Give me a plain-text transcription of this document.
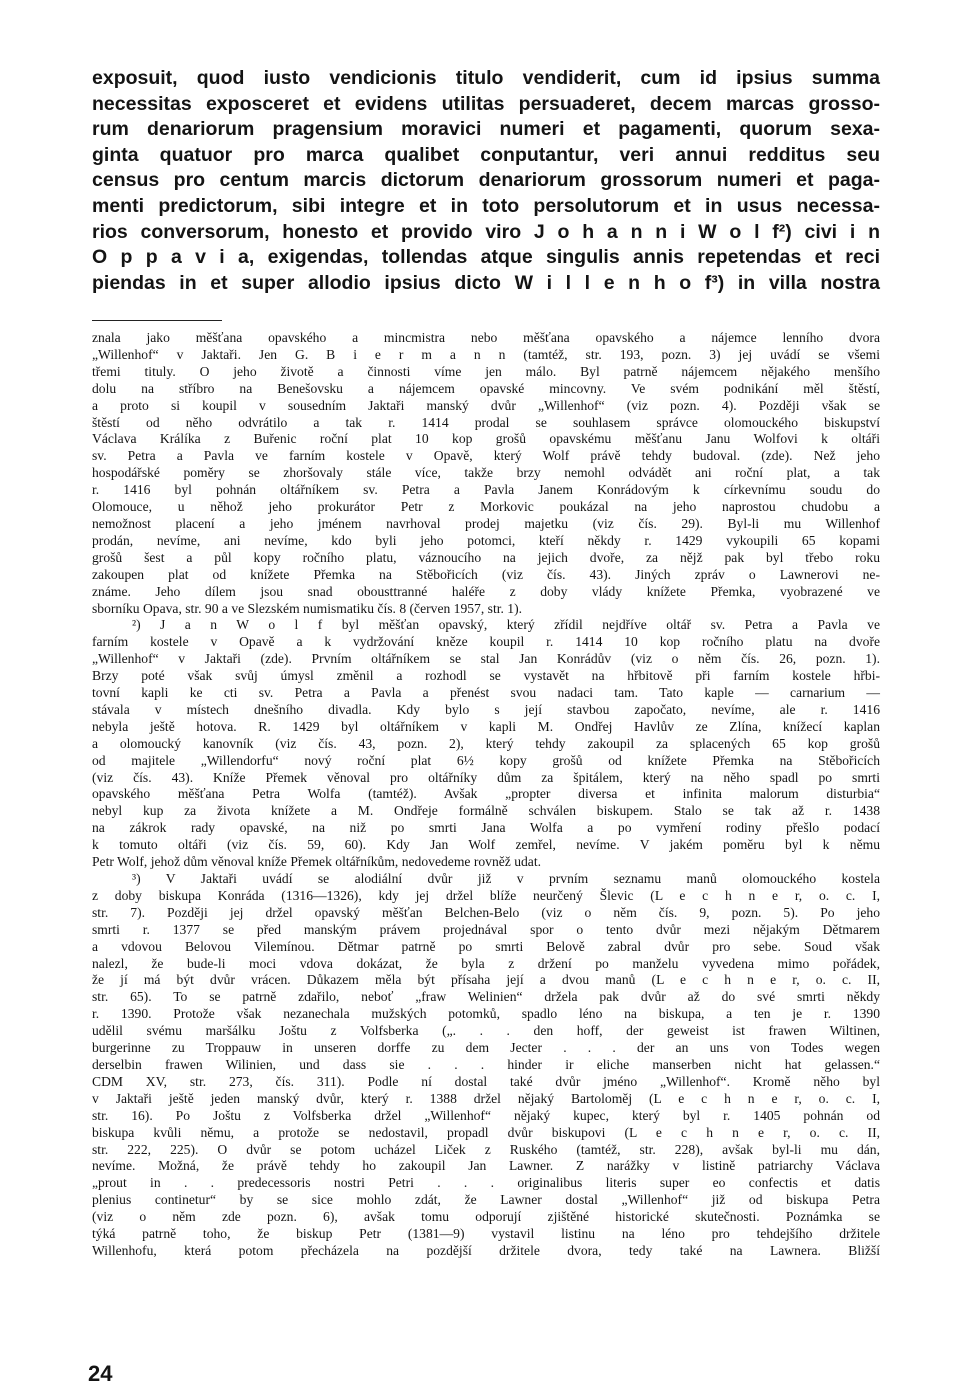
exposuit, quod iusto vendicionis titulo vendiderit, cum id ipsius summa
necessitas exposceret et evidens utilitas persuaderet, decem marcas grosso-
rum denariorum pragensium moravici numeri et pagamenti, quorum sexa-
ginta quatuor pro marca qualibet conputantur, veri annui redditus seu
census pro centum marcis dictorum denariorum grossorum numeri et paga-
menti predictorum, sibi integre et in toto persolutorum et in usus necessa-
rios conversorum, honesto et provido viro J o h a n n i W o l f²) civi i n
O p p a v i a, exigendas, tollendas atque singulis annis repetendas et reci
piendas in et super allodio ipsius dicto W i l l e n h o f³) in villa nostra

znala jako měšťana opavského a mincmistra nebo měšťana opavského a nájemce lenního dvora
„Willenhof“ v Jaktaři. Jen G. B i e r m a n n (tamtéž, str. 193, pozn. 3) jej uvádí se všemi
třemi tituly. O jeho životě a činnosti víme jen málo. Byl patrně nájemcem nějakého menšího
dolu na stříbro na Benešovsku a nájemcem opavské mincovny. Ve svém podnikání měl štěstí,
a proto si koupil v sousedním Jaktaři manský dvůr „Willenhof“ (viz pozn. 4). Později však se
štěstí od něho odvrátilo a tak r. 1414 prodal se souhlasem správce olomouckého biskupství
Václava Králíka z Buřenic roční plat 10 kop grošů opavskému měšťanu Janu Wolfovi k oltáři
sv. Petra a Pavla ve farním kostele v Opavě, který Wolf právě tehdy budoval. (zde). Než jeho
hospodářské poměry se zhoršovaly stále více, takže brzy nemohl odvádět ani roční plat, a tak
r. 1416 byl pohnán oltářníkem sv. Petra a Pavla Janem Konrádovým k církevnímu soudu do
Olomouce, u něhož jeho prokurátor Petr z Morkovic poukázal na jeho naprostou chudobu a
nemožnost placení a jeho jménem navrhoval prodej majetku (viz čís. 29). Byl-li mu Willenhof
prodán, nevíme, ani nevíme, kdo byli jeho potomci, kteří někdy r. 1429 vykoupili 65 kopami
grošů šest a půl kopy ročního platu, váznoucího na jejich dvoře, za nějž pak byl třebo roku
zakoupen plat od knížete Přemka na Stěbořicích (viz čís. 43). Jiných zpráv o Lawnerovi ne-
známe. Jeho dílem jsou snad obousttranné haléře z doby vlády knížete Přemka, vyobrazené ve
sborníku Opava, str. 90 a ve Slezském numismatiku čís. 8 (červen 1957, str. 1).
²) J a n W o l f byl měšťan opavský, který zřídil nejdříve oltář sv. Petra a Pavla ve
farním kostele v Opavě a k vydržování kněze koupil r. 1414 10 kop ročního platu na dvoře
„Willenhof“ v Jaktaři (zde). Prvním oltářníkem se stal Jan Konrádův (viz o něm čís. 26, pozn. 1).
Brzy poté však svůj úmysl změnil a rozhodl se vystavět na hřbitově při farním kostele hřbi-
tovní kapli ke cti sv. Petra a Pavla a přenést svou nadaci tam. Tato kaple — carnarium —
stávala v místech dnešního divadla. Kdy bylo s její stavbou započato, nevíme, ale r. 1416
nebyla ještě hotova. R. 1429 byl oltářníkem v kapli M. Ondřej Havlův ze Zlína, knížecí kaplan
a olomoucký kanovník (viz čís. 43, pozn. 2), který tehdy zakoupil za splacených 65 kop grošů
od majitele „Willendorfu“ nový roční plat 6½ kopy grošů od knížete Přemka na Stěbořicích
(viz čís. 43). Kníže Přemek věnoval pro oltářníky dům za špitálem, který na něho spadl po smrti
opavského měšťana Petra Wolfa (tamtéž). Avšak „propter diversa et infinita malorum disturbia“
nebyl kup za života knížete a M. Ondřeje formálně schválen biskupem. Stalo se tak až r. 1438
na zákrok rady opavské, na niž po smrti Jana Wolfa a po vymření rodiny přešlo podací
k tomuto oltáři (viz čís. 59, 60). Kdy Jan Wolf zemřel, nevíme. V jakém poměru byl k němu
Petr Wolf, jehož dům věnoval kníže Přemek oltářníkům, nedovedeme rovněž udat.
³) V Jaktaři uvádí se alodiální dvůr již v prvním seznamu manů olomouckého kostela
z doby biskupa Konráda (1316—1326), kdy jej držel blíže neurčený Šlevic (L e c h n e r, o. c. I,
str. 7). Později jej držel opavský měšťan Belchen-Belo (viz o něm čís. 9, pozn. 5). Po jeho
smrti r. 1377 se před manským právem projednával spor o tento dvůr mezi nějakým Dětmarem
a vdovou Belovou Vilemínou. Dětmar patrně po smrti Belově zabral dvůr pro sebe. Soud však
nalezl, že bude-li moci vdova dokázat, že byla z držení po manželu vyvedena mimo pořádek,
že jí má být dvůr vrácen. Důkazem měla být přísaha její a dvou manů (L e c h n e r, o. c. II,
str. 65). To se patrně zdařilo, neboť „fraw Welinien“ držela pak dvůr až do své smrti někdy
r. 1390. Protože však nezanechala mužských potomků, spadlo léno na biskupa, a ten je r. 1390
udělil svému maršálku Joštu z Volfsberka („. . . den hoff, der geweist ist frawen Wiltinen,
burgerinne zu Troppauw in unseren dorffe zu dem Jecter . . . der an uns von Todes wegen
derselbin frawen Wilinien, und dass sie . . . hinder ir eliche manserben nicht hat gelassen.“
CDM XV, str. 273, čís. 311). Podle ní dostal také dvůr jméno „Willenhof“. Kromě něho byl
v Jaktaři ještě jeden manský dvůr, který r. 1388 držel nějaký Bartoloměj (L e c h n e r, o. c. I,
str. 16). Po Joštu z Volfsberka držel „Willenhof“ nějaký kupec, který byl r. 1405 pohnán od
biskupa kvůli němu, a protože se nedostavil, propadl dvůr biskupovi (L e c h n e r, o. c. II,
str. 222, 225). O dvůr se potom ucházel Liček z Ruského (tamtéž, str. 228), avšak byl-li mu dán,
nevíme. Možná, že právě tehdy ho zakoupil Jan Lawner. Z narážky v listině patriarchy Václava
„prout in . . predecessoris nostri Petri . . . originalibus literis super eo confectis et datis
plenius continetur“ by se sice mohlo zdát, že Lawner dostal „Willenhof“ již od biskupa Petra
(viz o něm zde pozn. 6), avšak tomu odporují zjištěné historické skutečnosti. Poznámka se
týká patrně toho, že biskup Petr (1381—9) vystavil listinu na léno pro tehdejšího držitele
Willenhofu, která potom přecházela na pozdější držitele dvora, tedy také na Lawnera. Bližší

24
